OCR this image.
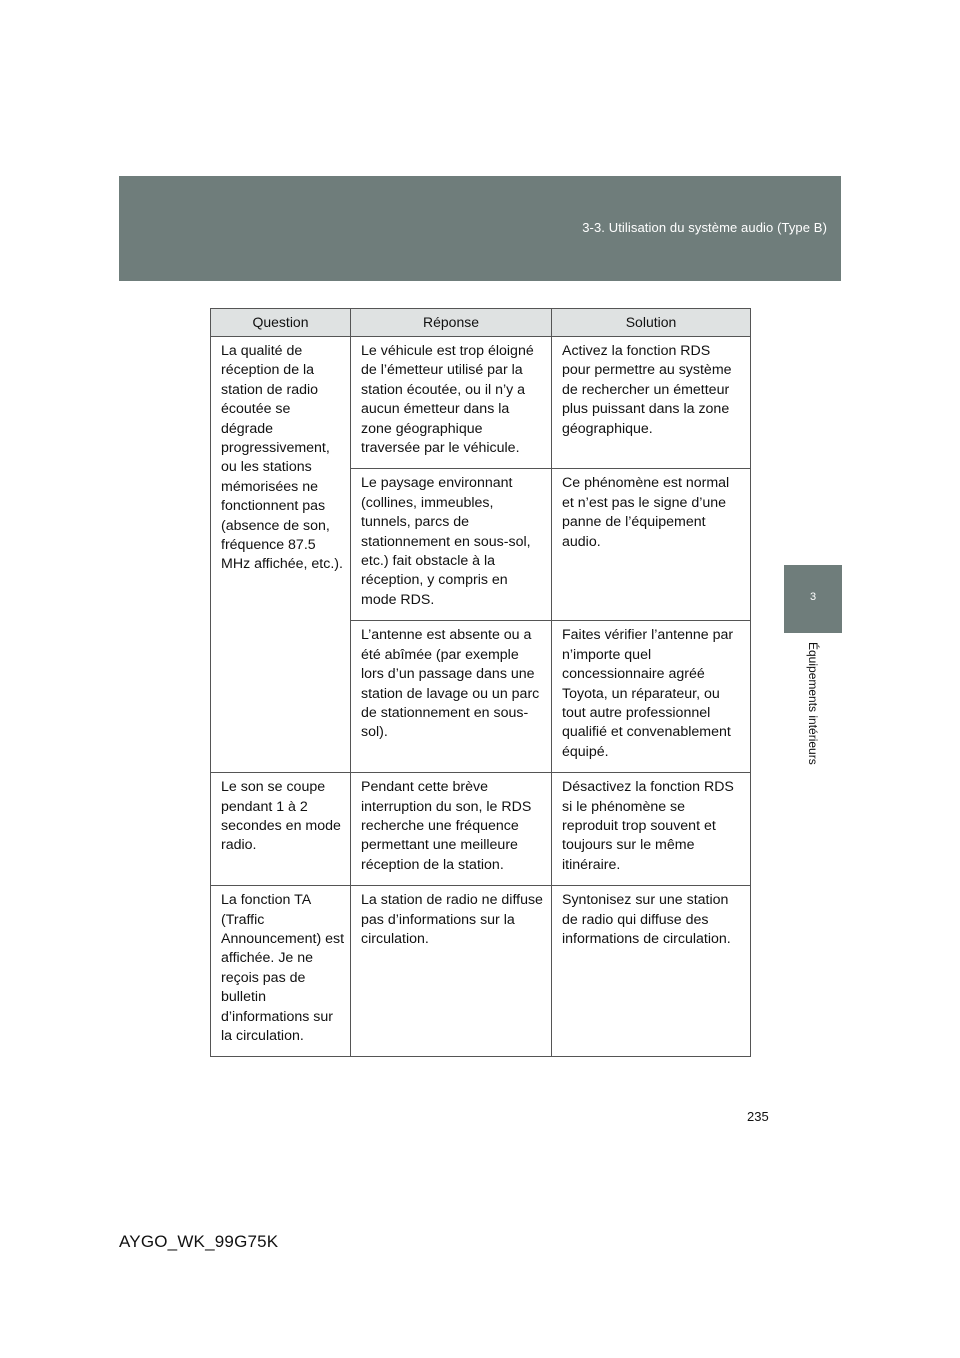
3-3. Utilisation du système audio (Type B)
3
Équipements intérieurs
Question	Réponse	Solution
La qualité de réception de la station de radio écoutée se dégrade progressivement, ou les stations mémorisées ne fonctionnent pas (absence de son, fréquence 87.5 MHz affichée, etc.).	Le véhicule est trop éloigné de l’émetteur utilisé par la station écoutée, ou il n’y a aucun émetteur dans la zone géographique traversée par le véhicule.	Activez la fonction RDS pour permettre au système de rechercher un émetteur plus puissant dans la zone géographique.
	Le paysage environnant (collines, immeubles, tunnels, parcs de stationnement en sous-sol, etc.) fait obstacle à la réception, y compris en mode RDS.	Ce phénomène est normal et n’est pas le signe d’une panne de l’équipement audio.
	L’antenne est absente ou a été abîmée (par exemple lors d’un passage dans une station de lavage ou un parc de stationnement en sous-sol).	Faites vérifier l’antenne par n’importe quel concessionnaire agréé Toyota, un réparateur, ou tout autre professionnel qualifié et convenablement équipé.
Le son se coupe pendant 1 à 2 secondes en mode radio.	Pendant cette brève interruption du son, le RDS recherche une fréquence permettant une meilleure réception de la station.	Désactivez la fonction RDS si le phénomène se reproduit trop souvent et toujours sur le même itinéraire.
La fonction TA (Traffic Announcement) est affichée. Je ne reçois pas de bulletin d’informations sur la circulation.	La station de radio ne diffuse pas d’informations sur la circulation.	Syntonisez sur une station de radio qui diffuse des informations de circulation.
235
AYGO_WK_99G75K
